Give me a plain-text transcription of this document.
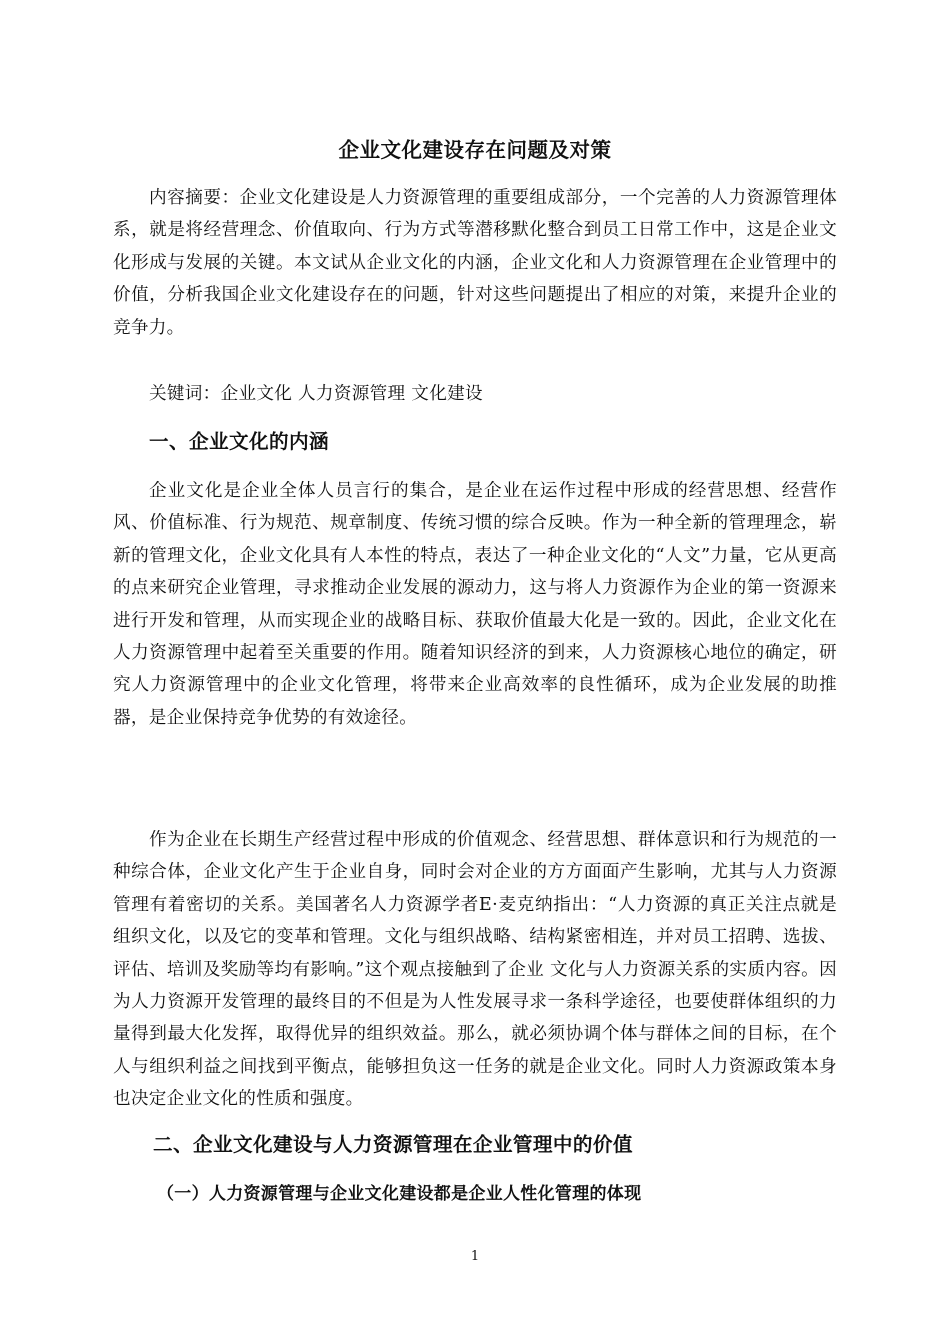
企业文化建设存在问题及对策

内容摘要：企业文化建设是人力资源管理的重要组成部分，一个完善的人力资源管理体系，就是将经营理念、价值取向、行为方式等潜移默化整合到员工日常工作中，这是企业文化形成与发展的关键。本文试从企业文化的内涵，企业文化和人力资源管理在企业管理中的价值，分析我国企业文化建设存在的问题，针对这些问题提出了相应的对策，来提升企业的竞争力。

关键词：企业文化 人力资源管理 文化建设

一、企业文化的内涵

企业文化是企业全体人员言行的集合，是企业在运作过程中形成的经营思想、经营作风、价值标准、行为规范、规章制度、传统习惯的综合反映。作为一种全新的管理理念，崭新的管理文化，企业文化具有人本性的特点，表达了一种企业文化的“人文”力量，它从更高的点来研究企业管理，寻求推动企业发展的源动力，这与将人力资源作为企业的第一资源来进行开发和管理，从而实现企业的战略目标、获取价值最大化是一致的。因此，企业文化在人力资源管理中起着至关重要的作用。随着知识经济的到来，人力资源核心地位的确定，研究人力资源管理中的企业文化管理，将带来企业高效率的良性循环，成为企业发展的助推器，是企业保持竞争优势的有效途径。

作为企业在长期生产经营过程中形成的价值观念、经营思想、群体意识和行为规范的一种综合体，企业文化产生于企业自身，同时会对企业的方方面面产生影响，尤其与人力资源管理有着密切的关系。美国著名人力资源学者E·麦克纳指出：“人力资源的真正关注点就是组织文化，以及它的变革和管理。文化与组织战略、结构紧密相连，并对员工招聘、选拔、评估、培训及奖励等均有影响。”这个观点接触到了企业 文化与人力资源关系的实质内容。因为人力资源开发管理的最终目的不但是为人性发展寻求一条科学途径，也要使群体组织的力量得到最大化发挥，取得优异的组织效益。那么，就必须协调个体与群体之间的目标，在个人与组织利益之间找到平衡点，能够担负这一任务的就是企业文化。同时人力资源政策本身也决定企业文化的性质和强度。

二、企业文化建设与人力资源管理在企业管理中的价值
（一）人力资源管理与企业文化建设都是企业人性化管理的体现
1
